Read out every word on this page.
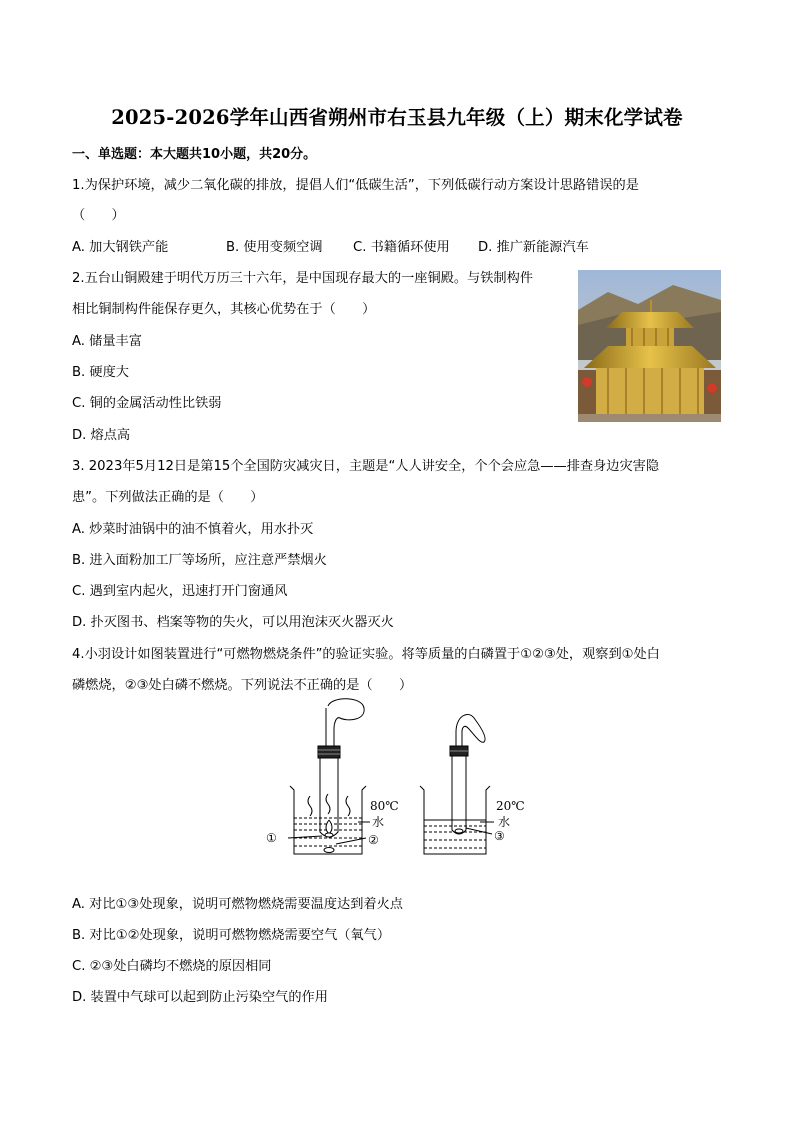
2025-2026学年山西省朔州市右玉县九年级（上）期末化学试卷
一、单选题：本大题共10小题，共20分。
1.为保护环境，减少二氧化碳的排放，提倡人们“低碳生活”，下列低碳行动方案设计思路错误的是
（　　）
A. 加大钢铁产能	B. 使用变频空调 C. 书籍循环使用 D. 推广新能源汽车
2.五台山铜殿建于明代万历三十六年，是中国现存最大的一座铜殿。与铁制构件
相比铜制构件能保存更久，其核心优势在于（　　）
A. 储量丰富
B. 硬度大
C. 铜的金属活动性比铁弱
D. 熔点高
3. 2023年5月12日是第15个全国防灾减灾日，主题是“人人讲安全，个个会应急——排查身边灾害隐
患”。下列做法正确的是（　　）
A. 炒菜时油锅中的油不慎着火，用水扑灭
B. 进入面粉加工厂等场所，应注意严禁烟火
C. 遇到室内起火，迅速打开门窗通风
D. 扑灭图书、档案等物的失火，可以用泡沫灭火器灭火
4.小羽设计如图装置进行“可燃物燃烧条件”的验证实验。将等质量的白磷置于①②③处，观察到①处白
磷燃烧，②③处白磷不燃烧。下列说法不正确的是（　　）
80℃
水
①	②
20℃
水
③
A. 对比①③处现象，说明可燃物燃烧需要温度达到着火点
B. 对比①②处现象，说明可燃物燃烧需要空气（氧气）
C. ②③处白磷均不燃烧的原因相同
D. 装置中气球可以起到防止污染空气的作用
